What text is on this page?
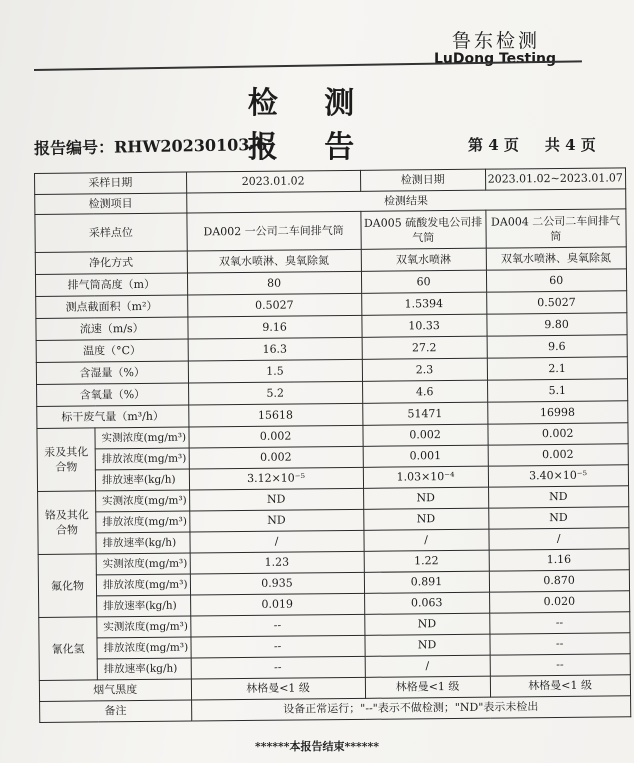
鲁东检测
LuDong Testing
检 测 报 告
报告编号：RHW20230103-6	第 4 页 共 4 页
采样日期		2023.01.02	检测日期	2023.01.02~2023.01.07
检测项目		检测结果		
采样点位		DA002 一公司二车间排气筒	DA005 硫酸发电公司排气筒	DA004 二公司二车间排气筒
净化方式		双氧水喷淋、臭氧除氮	双氧水喷淋	双氧水喷淋、臭氧除氮
排气筒高度（m）		80	60	60
测点截面积（m²）		0.5027	1.5394	0.5027
流速（m/s）		9.16	10.33	9.80
温度（°C）		16.3	27.2	9.6
含湿量（%）		1.5	2.3	2.1
含氧量（%）		5.2	4.6	5.1
标干废气量（m³/h）		15618	51471	16998
汞及其化合物	实测浓度(mg/m³)	0.002	0.002	0.002
	排放浓度(mg/m³)	0.002	0.001	0.002
	排放速率(kg/h)	3.12×10⁻⁵	1.03×10⁻⁴	3.40×10⁻⁵
铬及其化合物	实测浓度(mg/m³)	ND	ND	ND
	排放浓度(mg/m³)	ND	ND	ND
	排放速率(kg/h)	/	/	/
氟化物	实测浓度(mg/m³)	1.23	1.22	1.16
	排放浓度(mg/m³)	0.935	0.891	0.870
	排放速率(kg/h)	0.019	0.063	0.020
氰化氢	实测浓度(mg/m³)	--	ND	--
	排放浓度(mg/m³)	--	ND	--
	排放速率(kg/h)	--	/	--
烟气黑度		林格曼<1 级	林格曼<1 级	林格曼<1 级
备注		设备正常运行；"--"表示不做检测；"ND"表示未检出		
******本报告结束******
